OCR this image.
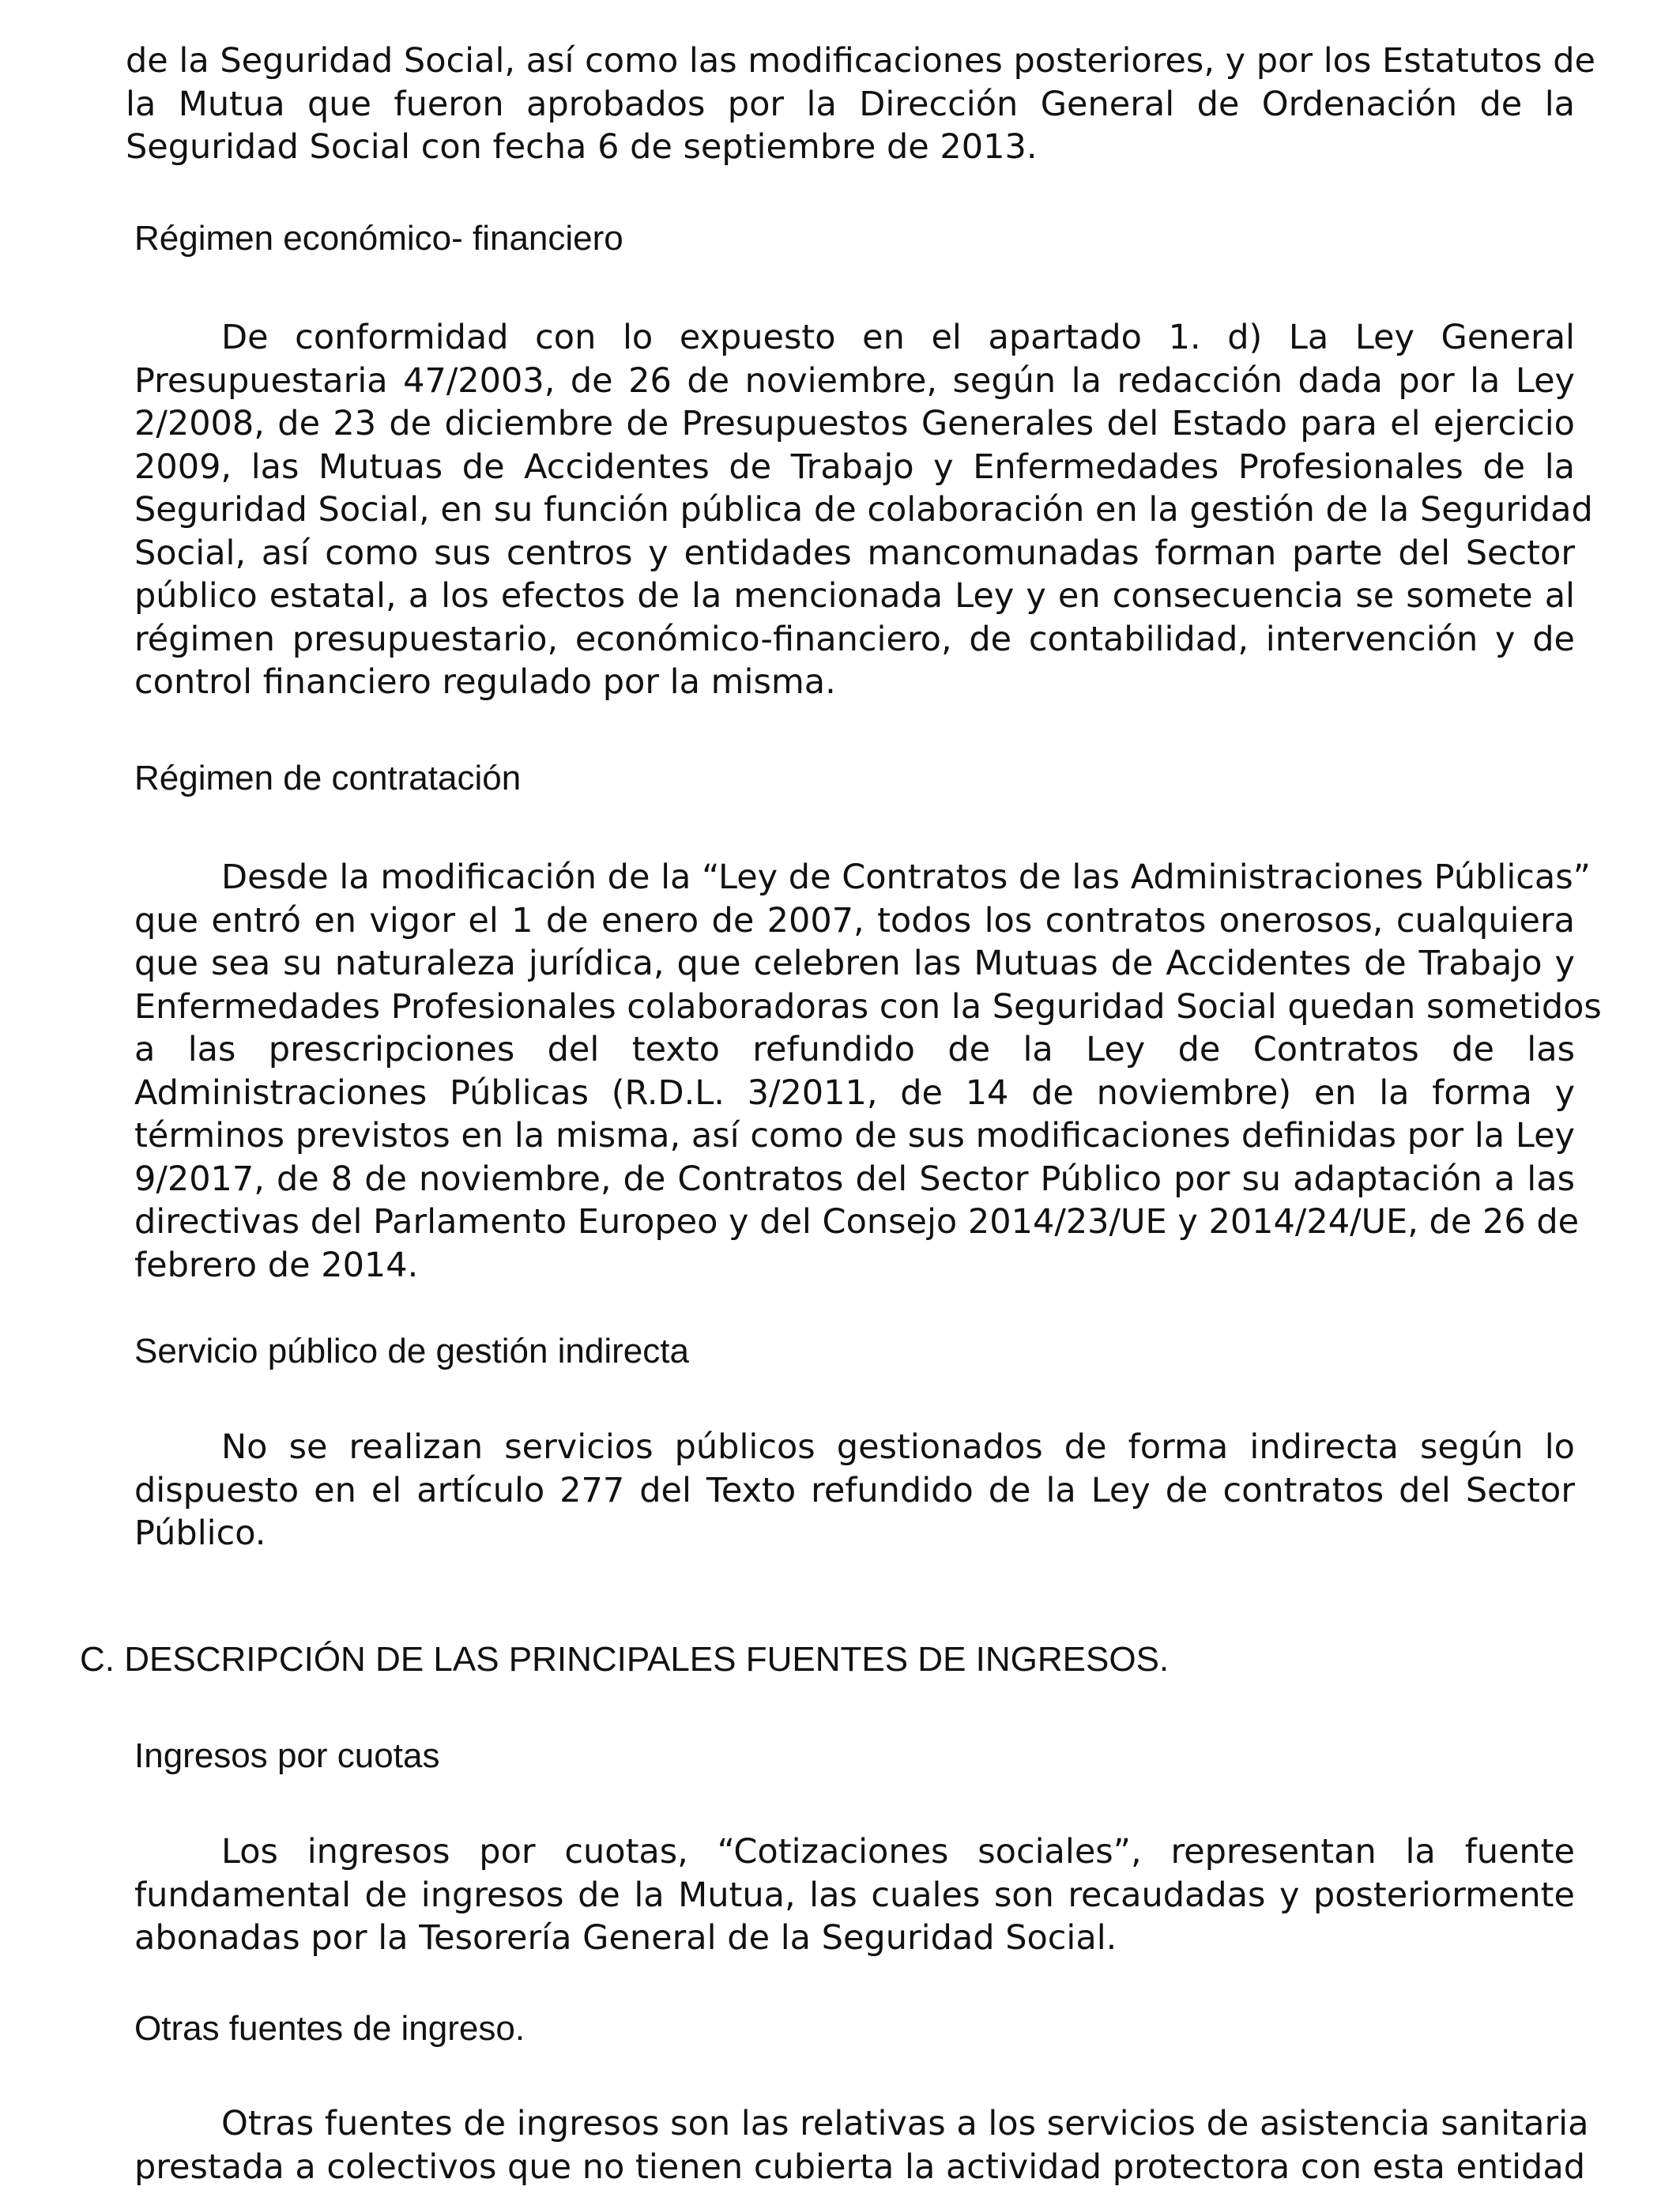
de la Seguridad Social, así como las modificaciones posteriores, y por los Estatutos de
la Mutua que fueron aprobados por la Dirección General de Ordenación de la
Seguridad Social con fecha 6 de septiembre de 2013.
Régimen económico- financiero
De conformidad con lo expuesto en el apartado 1. d) La Ley General
Presupuestaria 47/2003, de 26 de noviembre, según la redacción dada por la Ley
2/2008, de 23 de diciembre de Presupuestos Generales del Estado para el ejercicio
2009, las Mutuas de Accidentes de Trabajo y Enfermedades Profesionales de la
Seguridad Social, en su función pública de colaboración en la gestión de la Seguridad
Social, así como sus centros y entidades mancomunadas forman parte del Sector
público estatal, a los efectos de la mencionada Ley y en consecuencia se somete al
régimen presupuestario, económico-financiero, de contabilidad, intervención y de
control financiero regulado por la misma.
Régimen de contratación
Desde la modificación de la “Ley de Contratos de las Administraciones Públicas”
que entró en vigor el 1 de enero de 2007, todos los contratos onerosos, cualquiera
que sea su naturaleza jurídica, que celebren las Mutuas de Accidentes de Trabajo y
Enfermedades Profesionales colaboradoras con la Seguridad Social quedan sometidos
a las prescripciones del texto refundido de la Ley de Contratos de las
Administraciones Públicas (R.D.L. 3/2011, de 14 de noviembre) en la forma y
términos previstos en la misma, así como de sus modificaciones definidas por la Ley
9/2017, de 8 de noviembre, de Contratos del Sector Público por su adaptación a las
directivas del Parlamento Europeo y del Consejo 2014/23/UE y 2014/24/UE, de 26 de
febrero de 2014.
Servicio público de gestión indirecta
No se realizan servicios públicos gestionados de forma indirecta según lo
dispuesto en el artículo 277 del Texto refundido de la Ley de contratos del Sector
Público.
C. DESCRIPCIÓN DE LAS PRINCIPALES FUENTES DE INGRESOS.
Ingresos por cuotas
Los ingresos por cuotas, “Cotizaciones sociales”, representan la fuente
fundamental de ingresos de la Mutua, las cuales son recaudadas y posteriormente
abonadas por la Tesorería General de la Seguridad Social.
Otras fuentes de ingreso.
Otras fuentes de ingresos son las relativas a los servicios de asistencia sanitaria
prestada a colectivos que no tienen cubierta la actividad protectora con esta entidad
